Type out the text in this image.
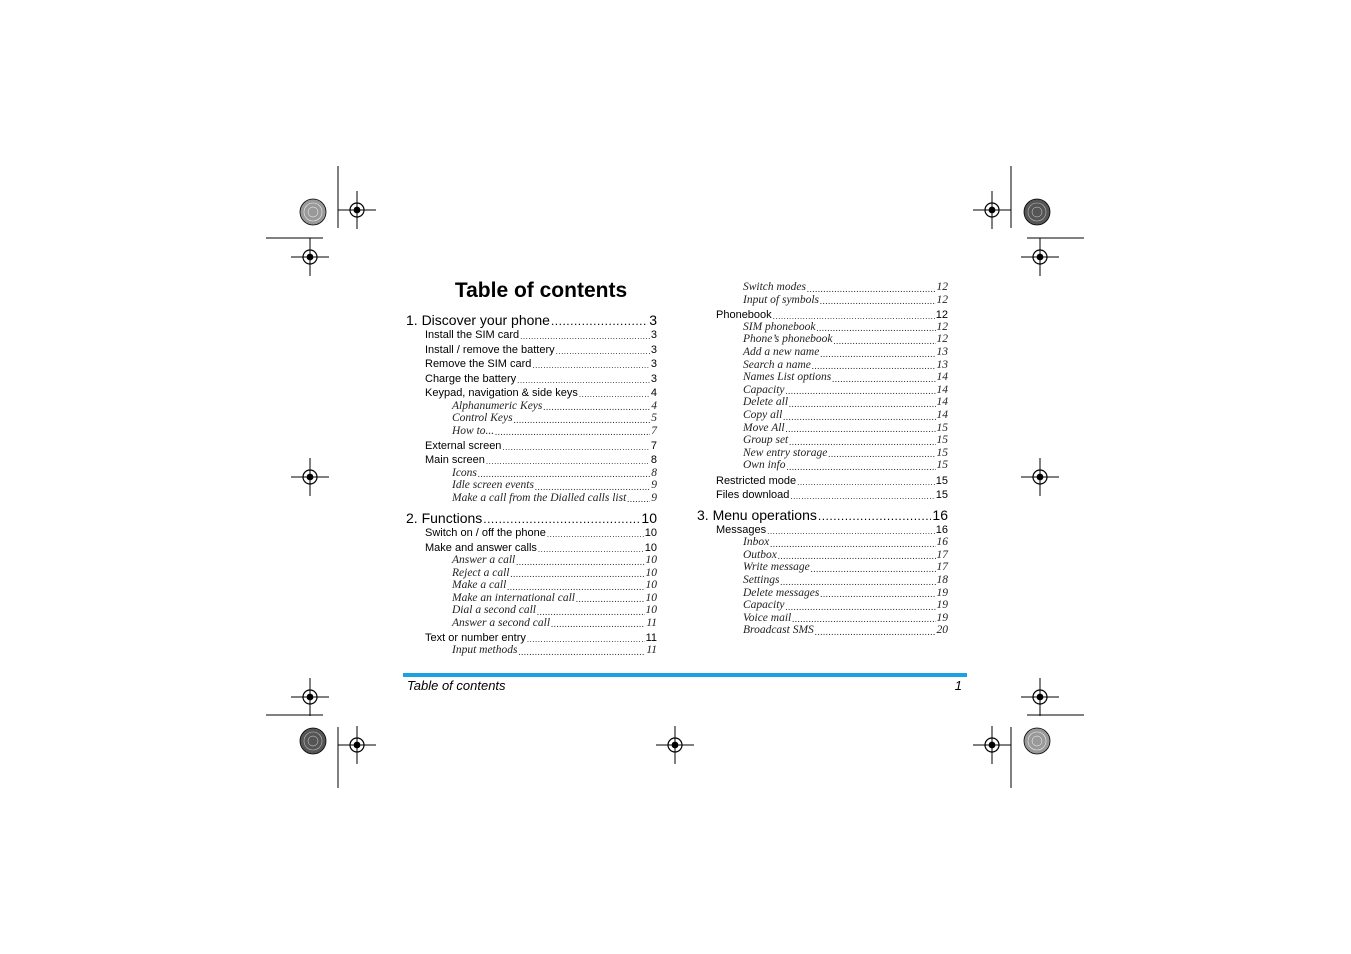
Table of contents
1. Discover your phone .....	3
Install the SIM card .....	3
Install / remove the battery .....	3
Remove the SIM card .....	3
Charge the battery .....	3
Keypad, navigation & side keys .....	4
Alphanumeric Keys .....	4
Control Keys .....	5
How to... .....	7
External screen .....	7
Main screen .....	8
Icons .....	8
Idle screen events .....	9
Make a call from the Dialled calls list ..... 9
2. Functions .....	10
Switch on / off the phone .....	10
Make and answer calls .....	10
Answer a call .....	10
Reject a call .....	10
Make a call .....	10
Make an international call .....	10
Dial a second call .....	10
Answer a second call .....	11
Text or number entry .....	11
Input methods .....	11
Switch modes .....	12
Input of symbols .....	12
Phonebook .....	12
SIM phonebook .....	12
Phone’s phonebook .....	12
Add a new name .....	13
Search a name .....	13
Names List options .....	14
Capacity .....	14
Delete all .....	14
Copy all .....	14
Move All .....	15
Group set .....	15
New entry storage .....	15
Own info .....	15
Restricted mode .....	15
Files download .....	15
3. Menu operations .....	16
Messages .....	16
Inbox .....	16
Outbox .....	17
Write message .....	17
Settings .....	18
Delete messages .....	19
Capacity .....	19
Voice mail .....	19
Broadcast SMS .....	20
Table of contents	1
